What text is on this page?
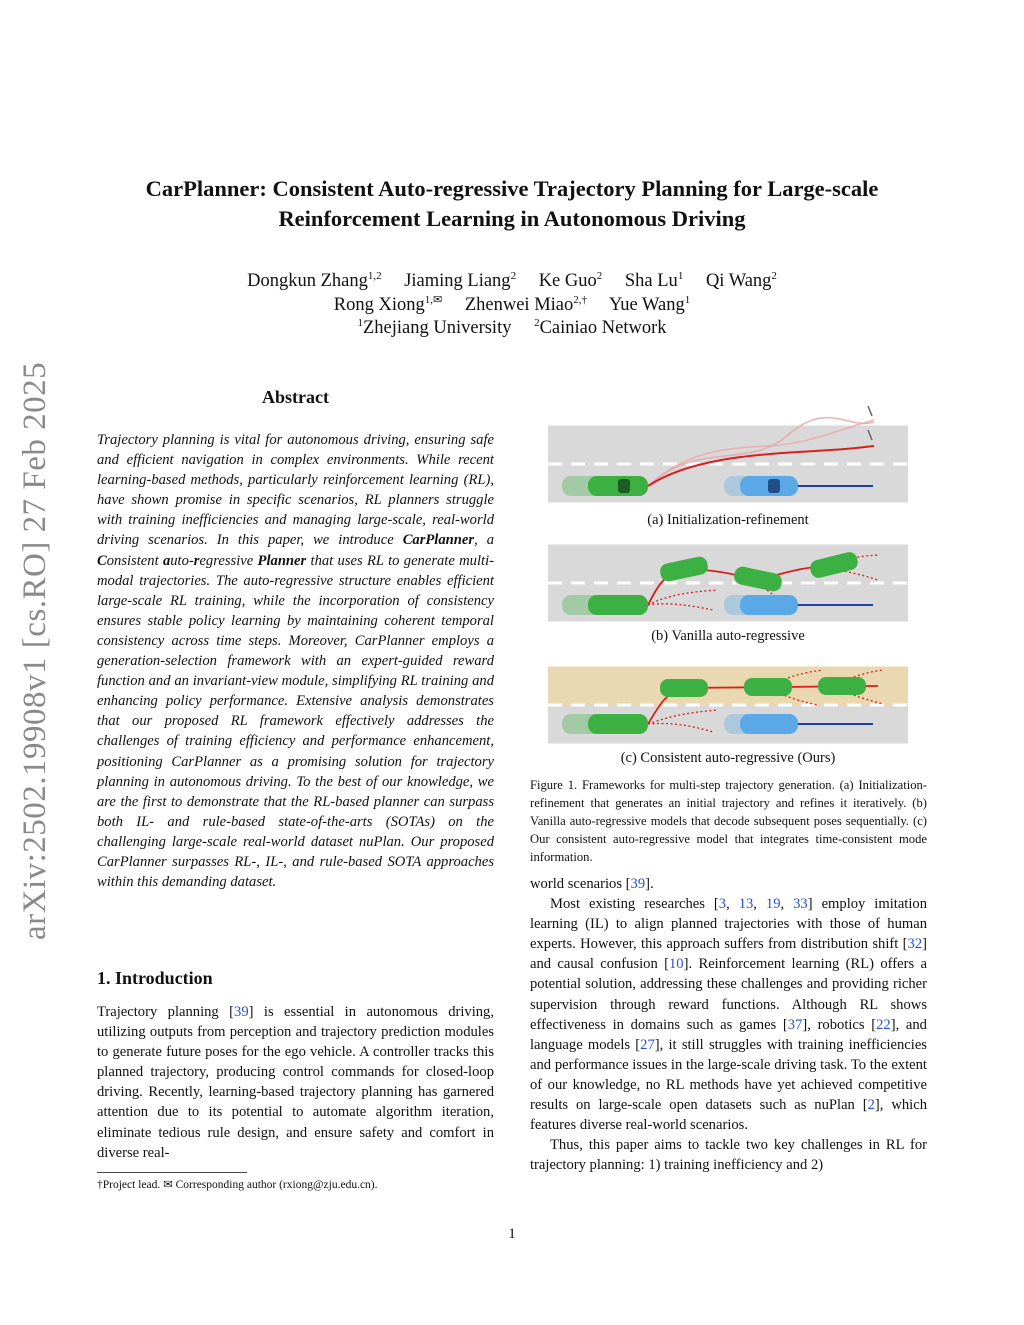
arXiv:2502.19908v1 [cs.RO] 27 Feb 2025
CarPlanner: Consistent Auto-regressive Trajectory Planning for Large-scale
Reinforcement Learning in Autonomous Driving
Dongkun Zhang$^{1,2}$ Jiaming Liang$^2$ Ke Guo$^2$ Sha Lu$^1$ Qi Wang$^2$
Rong Xiong$^{1,✉}$ Zhenwei Miao$^{2,\dagger}$ Yue Wang$^1$
$^1$Zhejiang University $^2$Cainiao Network
Abstract
Trajectory planning is vital for autonomous driving, ensuring safe and efficient navigation in complex environments. While recent learning-based methods, particularly reinforcement learning (RL), have shown promise in specific scenarios, RL planners struggle with training inefficiencies and managing large-scale, real-world driving scenarios. In this paper, we introduce CarPlanner, a Consistent auto-regressive Planner that uses RL to generate multi-modal trajectories. The auto-regressive structure enables efficient large-scale RL training, while the incorporation of consistency ensures stable policy learning by maintaining coherent temporal consistency across time steps. Moreover, CarPlanner employs a generation-selection framework with an expert-guided reward function and an invariant-view module, simplifying RL training and enhancing policy performance. Extensive analysis demonstrates that our proposed RL framework effectively addresses the challenges of training efficiency and performance enhancement, positioning CarPlanner as a promising solution for trajectory planning in autonomous driving. To the best of our knowledge, we are the first to demonstrate that the RL-based planner can surpass both IL- and rule-based state-of-the-arts (SOTAs) on the challenging large-scale real-world dataset nuPlan. Our proposed CarPlanner surpasses RL-, IL-, and rule-based SOTA approaches within this demanding dataset.
1. Introduction
Trajectory planning [39] is essential in autonomous driving, utilizing outputs from perception and trajectory prediction modules to generate future poses for the ego vehicle. A controller tracks this planned trajectory, producing control commands for closed-loop driving. Recently, learning-based trajectory planning has garnered attention due to its potential to automate algorithm iteration, eliminate tedious rule design, and ensure safety and comfort in diverse real-
†Project lead. ✉ Corresponding author (rxiong@zju.edu.cn).
(a) Initialization-refinement
(b) Vanilla auto-regressive
(c) Consistent auto-regressive (Ours)
Figure 1. Frameworks for multi-step trajectory generation. (a) Initialization-refinement that generates an initial trajectory and refines it iteratively. (b) Vanilla auto-regressive models that decode subsequent poses sequentially. (c) Our consistent auto-regressive model that integrates time-consistent mode information.

world scenarios [39].

Most existing researches [3, 13, 19, 33] employ imitation learning (IL) to align planned trajectories with those of human experts. However, this approach suffers from distribution shift [32] and causal confusion [10]. Reinforcement learning (RL) offers a potential solution, addressing these challenges and providing richer supervision through reward functions. Although RL shows effectiveness in domains such as games [37], robotics [22], and language models [27], it still struggles with training inefficiencies and performance issues in the large-scale driving task. To the extent of our knowledge, no RL methods have yet achieved competitive results on large-scale open datasets such as nuPlan [2], which features diverse real-world scenarios.

Thus, this paper aims to tackle two key challenges in RL for trajectory planning: 1) training inefficiency and 2)

1
